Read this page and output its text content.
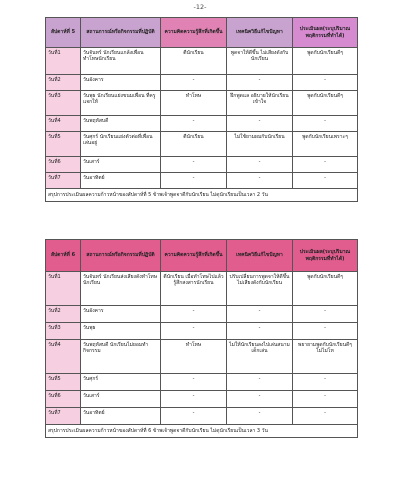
-12-
สัปดาห์ที่ 5	สถานการณ์หรือกิจกรรมที่ปฏิบัติ	ความคิดความรู้สึกที่เกิดขึ้น	เทคนิควิธีแก้ไขปัญหา	ประเมินผล(ระบุปริมาณพฤติกรรมที่ทำได้)
วันที่1	วันจันทร์ นักเรียนแกล้งเพื่อน ทำโทษนักเรียน	ตีนักเรียน	พูดจาให้ดีขึ้น ไม่เสียงดังกับนักเรียน	พูดกับนักเรียนดีๆ
วันที่2	วันอังคาร	-	-	-
วันที่3	วันพุธ นักเรียนแย่งขนมเพื่อน ที่ครูแจกให้	ทำโทษ	ฝึกพูดแล อธิบายให้นักเรียนเข้าใจ	พูดกับนักเรียนดีๆ
วันที่4	วันพฤหัสบดี	-	-	-
วันที่5	วันศุกร์ นักเรียนแย่งตัวต่อที่เพื่อนเล่นอยู่	ตีนักเรียน	ไม่ใช้ยามผมกับนักเรียน	พูดกับนักเรียนเพราะๆ
วันที่6	วันเสาร์	-	-	-
วันที่7	วันอาทิตย์	-	-	-
สรุปการประเมินผลความก้าวหน้าของสัปดาห์ที่ 5 ข้าพเจ้าพูดจาดีกับนักเรียน ไม่ดุนักเรียนเป็นเวลา 2 วัน				
สัปดาห์ที่ 6	สถานการณ์หรือกิจกรรมที่ปฏิบัติ	ความคิดความรู้สึกที่เกิดขึ้น	เทคนิควิธีแก้ไขปัญหา	ประเมินผล(ระบุปริมาณพฤติกรรมที่ทำได้)
วันที่1	วันจันทร์ นักเรียนส่งเสียงดังทำโทษนักเรียน	ตีนักเรียน เมื่อทำโทษไปแล้วรู้สึกสงสารนักเรียน	ปรับเปลี่ยนการพูดจาให้ดีขึ้น ไม่เสียงดังกับนักเรียน	พูดกับนักเรียนดีๆ
วันที่2	วันอังคาร	-	-	-
วันที่3	วันพุธ	-	-	-
วันที่4	วันพฤหัสบดี นักเรียนไม่ยอมทำกิจกรรม	ทำโทษ	ไม่ให้นักเรียนลงไปเล่นสนามเด็กเล่น	พยายามพูดกับนักเรียนดีๆ ไม่ไม่โห
วันที่5	วันศุกร์	-	-	-
วันที่6	วันเสาร์	-	-	-
วันที่7	วันอาทิตย์	-	-	-
สรุปการประเมินผลความก้าวหน้าของสัปดาห์ที่ 6 ข้าพเจ้าพูดจาดีกับนักเรียน ไม่ดุนักเรียนเป็นเวลา 3 วัน				
